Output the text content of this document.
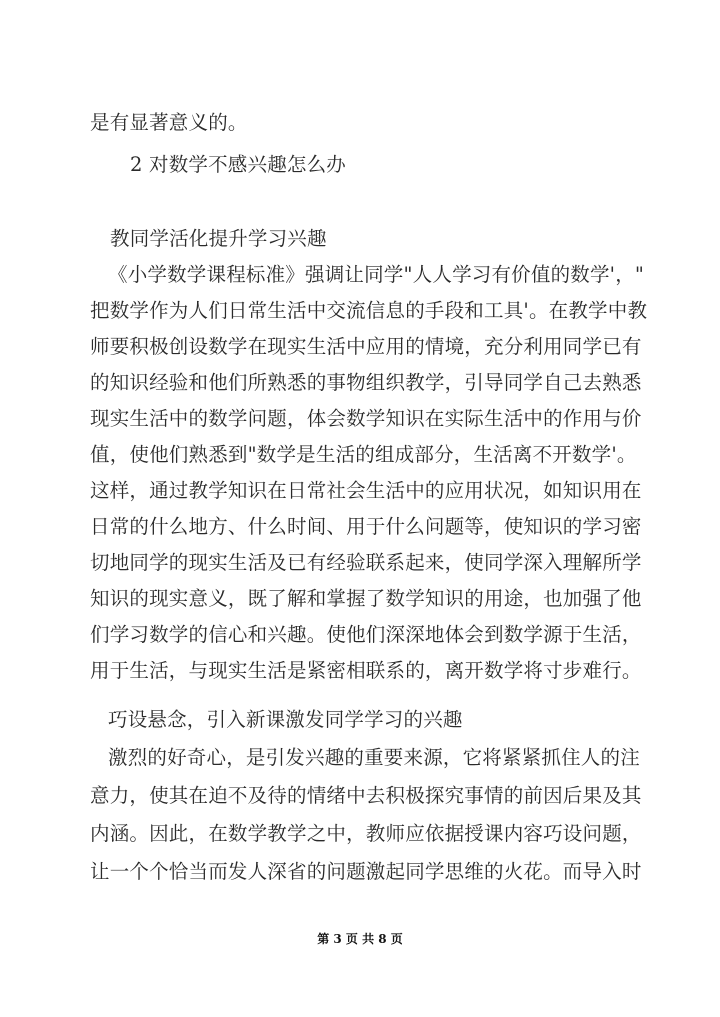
是有显著意义的。
2 对数学不感兴趣怎么办
教同学活化提升学习兴趣
《小学数学课程标准》强调让同学"人人学习有价值的数学'，"
把数学作为人们日常生活中交流信息的手段和工具'。在教学中教
师要积极创设数学在现实生活中应用的情境，充分利用同学已有
的知识经验和他们所熟悉的事物组织教学，引导同学自己去熟悉
现实生活中的数学问题，体会数学知识在实际生活中的作用与价
值，使他们熟悉到"数学是生活的组成部分，生活离不开数学'。
这样，通过教学知识在日常社会生活中的应用状况，如知识用在
日常的什么地方、什么时间、用于什么问题等，使知识的学习密
切地同学的现实生活及已有经验联系起来，使同学深入理解所学
知识的现实意义，既了解和掌握了数学知识的用途，也加强了他
们学习数学的信心和兴趣。使他们深深地体会到数学源于生活，
用于生活，与现实生活是紧密相联系的，离开数学将寸步难行。
巧设悬念，引入新课激发同学学习的兴趣
激烈的好奇心，是引发兴趣的重要来源，它将紧紧抓住人的注
意力，使其在迫不及待的情绪中去积极探究事情的前因后果及其
内涵。因此，在数学教学之中，教师应依据授课内容巧设问题，
让一个个恰当而发人深省的问题激起同学思维的火花。而导入时
第 3 页 共 8 页
